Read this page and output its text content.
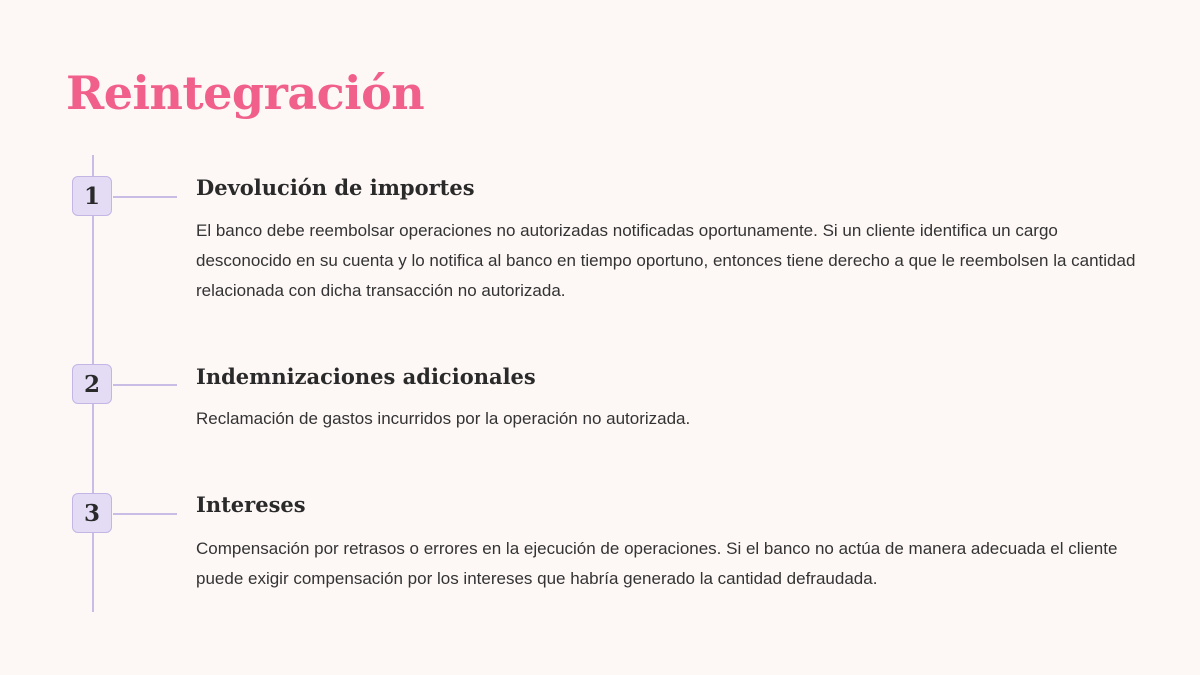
Reintegración
1	Devolución de importes

El banco debe reembolsar operaciones no autorizadas notificadas oportunamente. Si un cliente identifica un cargo desconocido en su cuenta y lo notifica al banco en tiempo oportuno, entonces tiene derecho a que le reembolsen la cantidad relacionada con dicha transacción no autorizada.

2	Indemnizaciones adicionales

Reclamación de gastos incurridos por la operación no autorizada.

3	Intereses

Compensación por retrasos o errores en la ejecución de operaciones. Si el banco no actúa de manera adecuada el cliente puede exigir compensación por los intereses que habría generado la cantidad defraudada.
